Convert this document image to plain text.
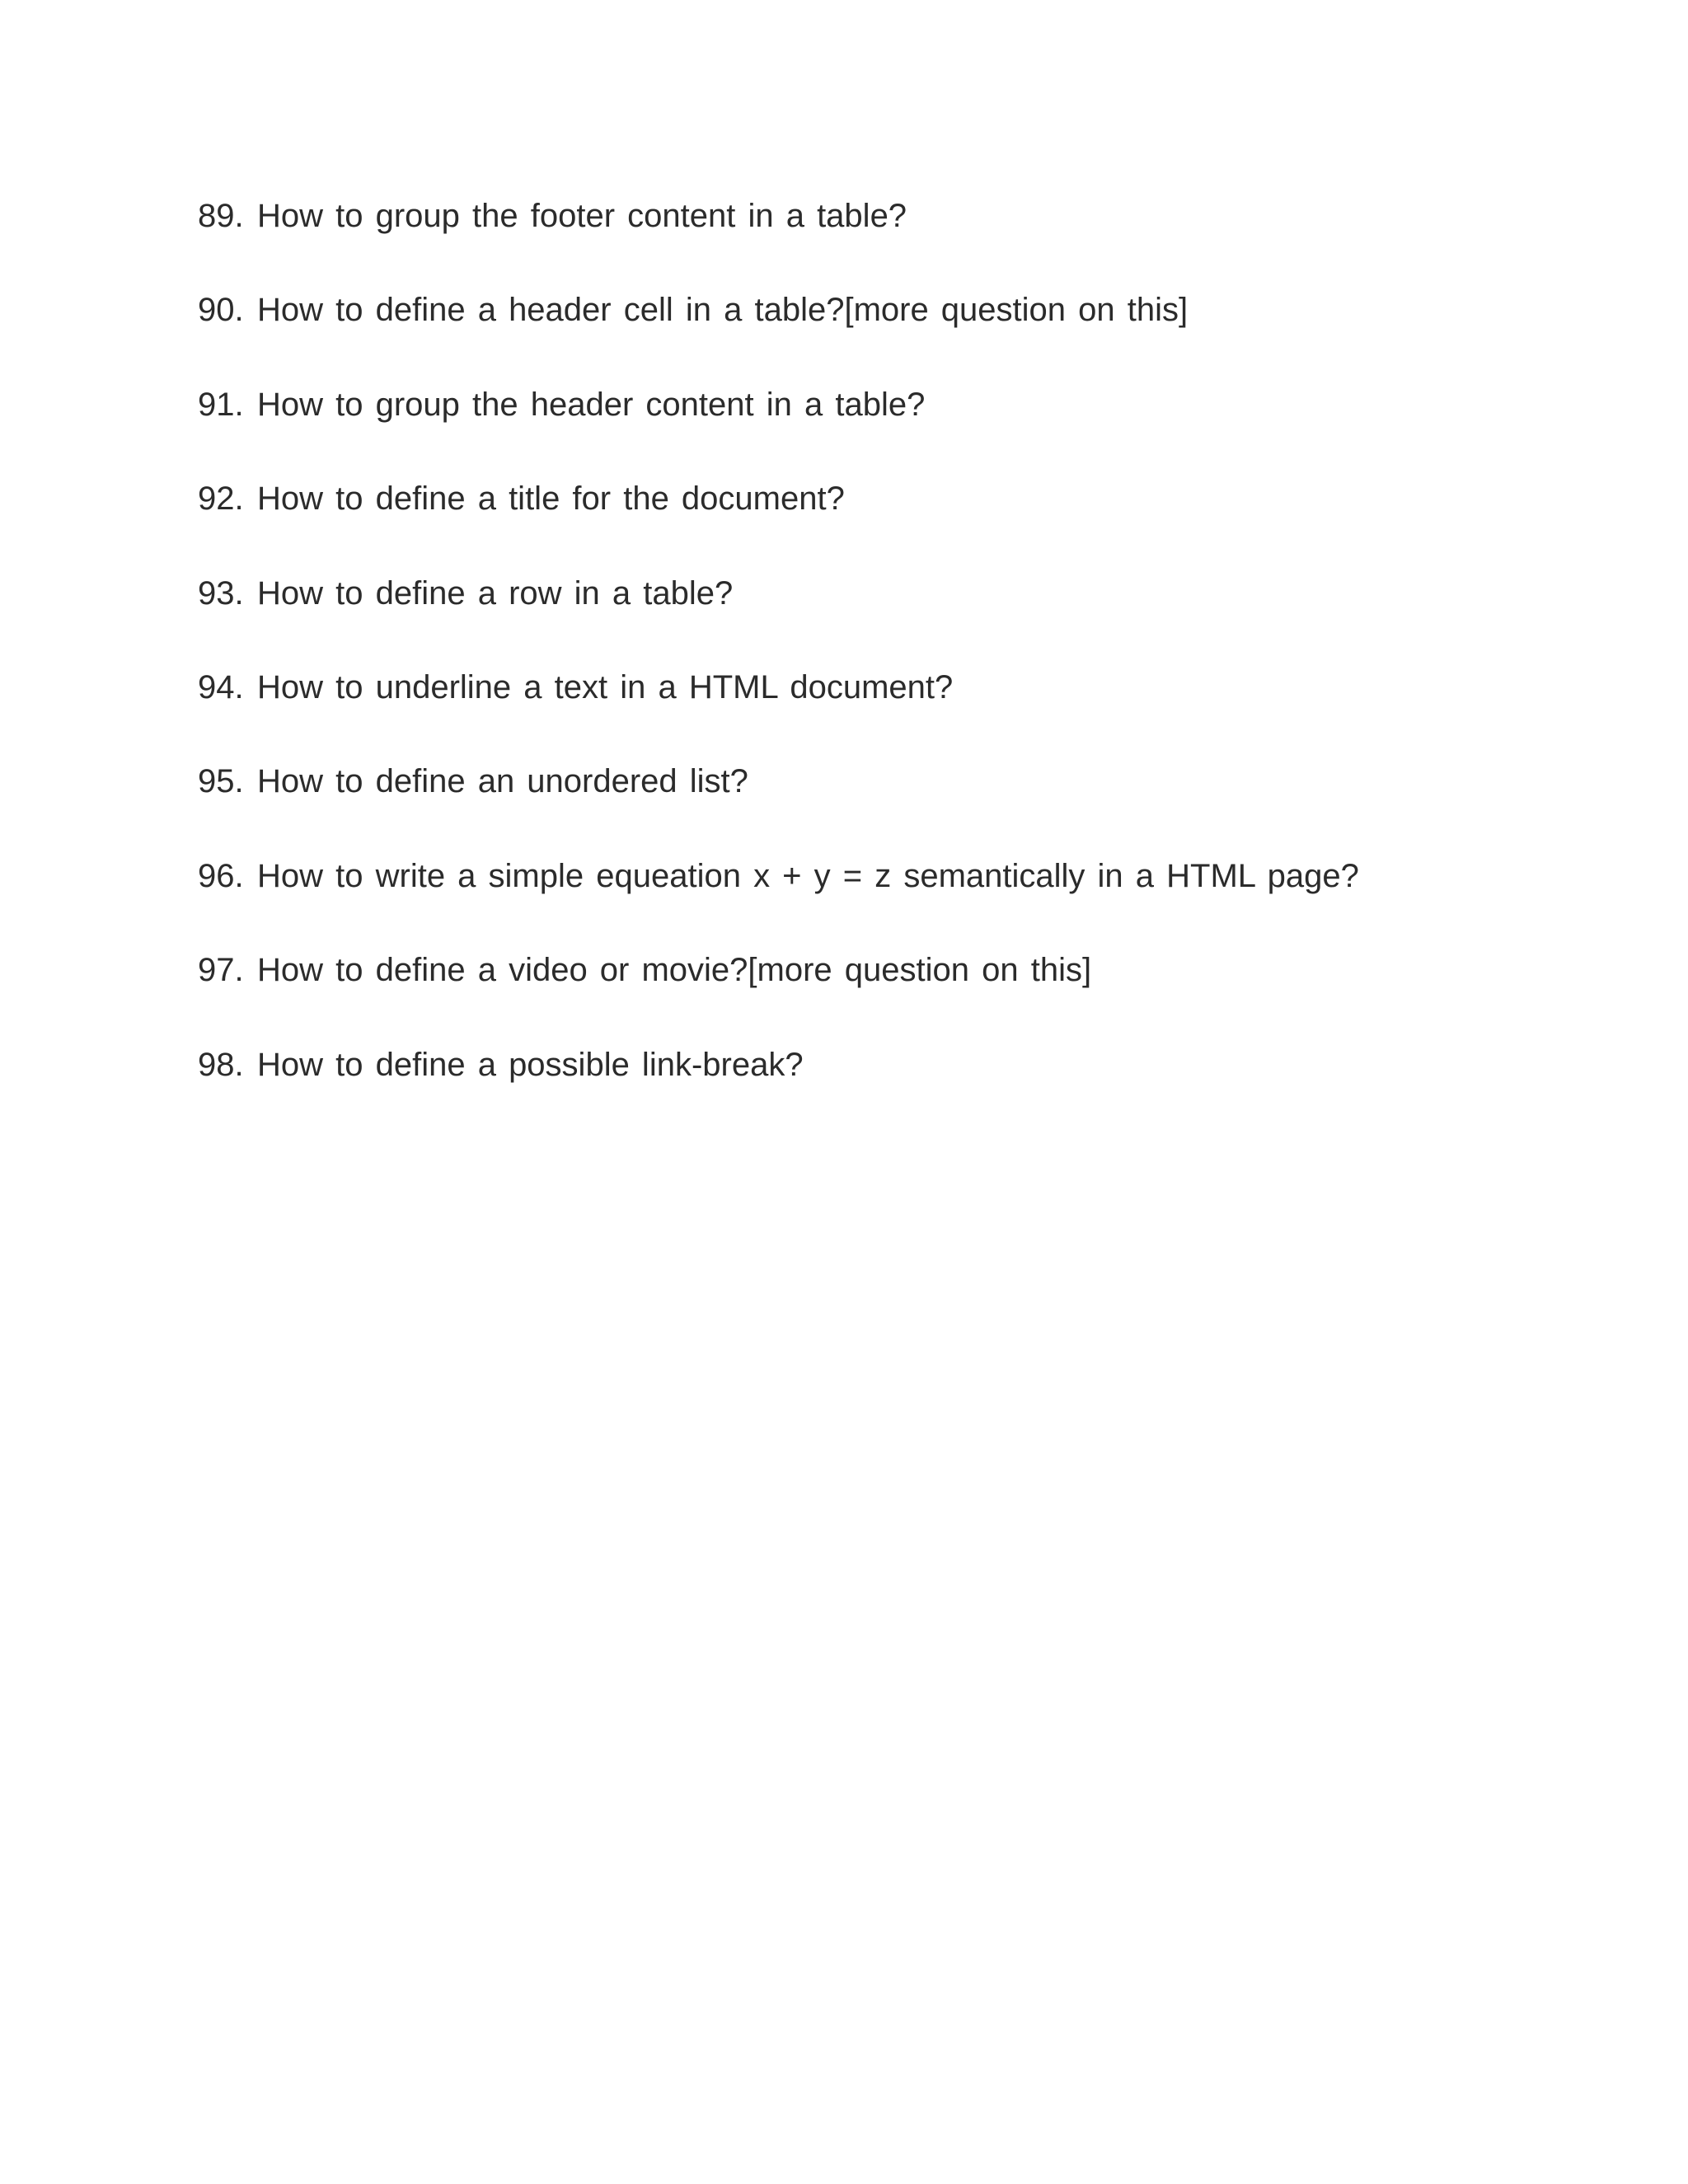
89. How to group the footer content in a table?
90. How to define a header cell in a table?[more question on this]
91. How to group the header content in a table?
92. How to define a title for the document?
93. How to define a row in a table?
94. How to underline a text in a HTML document?
95. How to define an unordered list?
96. How to write a simple equeation x + y = z semantically in a HTML page?
97. How to define a video or movie?[more question on this]
98. How to define a possible link-break?
